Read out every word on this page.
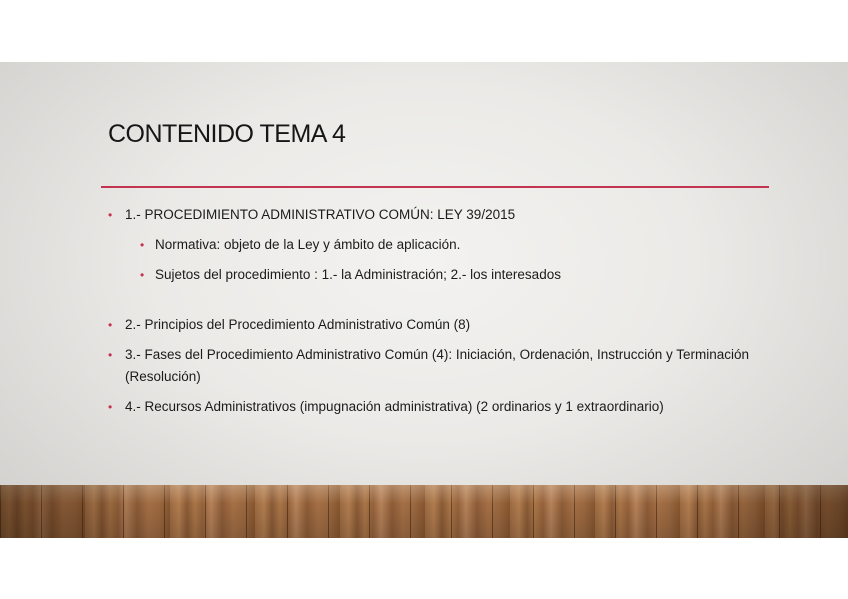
CONTENIDO TEMA 4
• 1.- PROCEDIMIENTO ADMINISTRATIVO COMÚN: LEY 39/2015
• Normativa: objeto de la Ley y ámbito de aplicación.
• Sujetos del procedimiento : 1.- la Administración; 2.- los interesados
• 2.- Principios del Procedimiento Administrativo Común (8)
• 3.- Fases del Procedimiento Administrativo Común (4): Iniciación, Ordenación, Instrucción y Terminación (Resolución)
• 4.- Recursos Administrativos (impugnación administrativa) (2 ordinarios y 1 extraordinario)
